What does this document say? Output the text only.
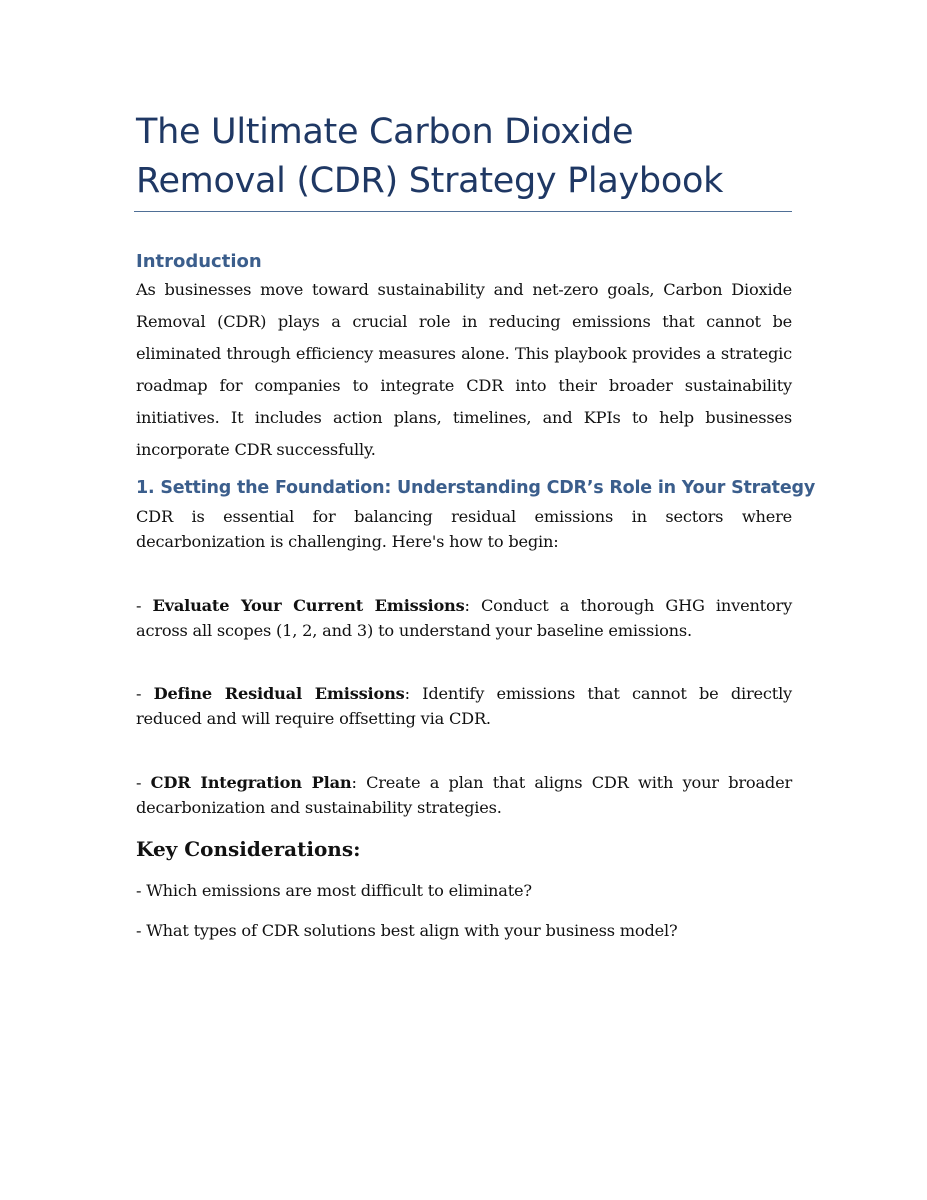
The Ultimate Carbon Dioxide Removal (CDR) Strategy Playbook
Introduction

As businesses move toward sustainability and net-zero goals, Carbon Dioxide Removal (CDR) plays a crucial role in reducing emissions that cannot be eliminated through efficiency measures alone. This playbook provides a strategic roadmap for companies to integrate CDR into their broader sustainability initiatives. It includes action plans, timelines, and KPIs to help businesses incorporate CDR successfully.

1. Setting the Foundation: Understanding CDR’s Role in Your Strategy

CDR is essential for balancing residual emissions in sectors where decarbonization is challenging. Here's how to begin:

- Evaluate Your Current Emissions: Conduct a thorough GHG inventory across all scopes (1, 2, and 3) to understand your baseline emissions.

- Define Residual Emissions: Identify emissions that cannot be directly reduced and will require offsetting via CDR.

- CDR Integration Plan: Create a plan that aligns CDR with your broader decarbonization and sustainability strategies.

Key Considerations:

- Which emissions are most difficult to eliminate?

- What types of CDR solutions best align with your business model?
